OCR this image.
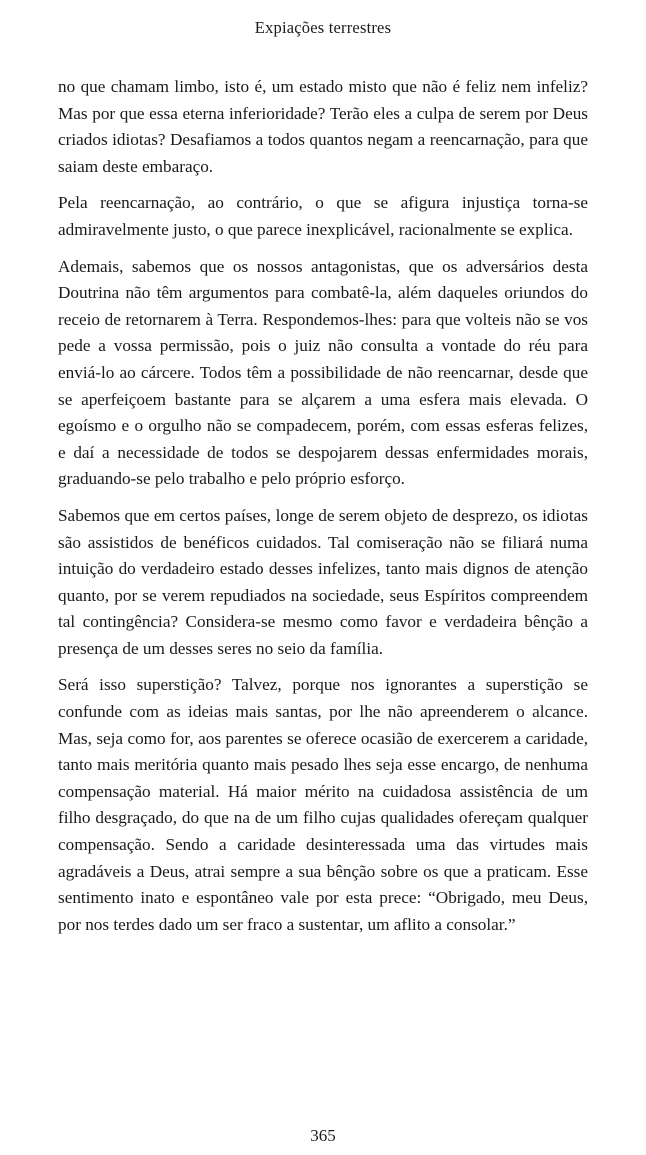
Expiações terrestres

no que chamam limbo, isto é, um estado misto que não é feliz nem infeliz? Mas por que essa eterna inferioridade? Terão eles a culpa de serem por Deus criados idiotas? Desafiamos a todos quantos negam a reencarnação, para que saiam deste embaraço.

Pela reencarnação, ao contrário, o que se afigura injustiça torna-se admiravelmente justo, o que parece inexplicável, racionalmente se explica.

Ademais, sabemos que os nossos antagonistas, que os adversários desta Doutrina não têm argumentos para combatê-la, além daqueles oriundos do receio de retornarem à Terra. Respondemos-lhes: para que volteis não se vos pede a vossa permissão, pois o juiz não consulta a vontade do réu para enviá-lo ao cárcere. Todos têm a possibilidade de não reencarnar, desde que se aperfeiçoem bastante para se alçarem a uma esfera mais elevada. O egoísmo e o orgulho não se compadecem, porém, com essas esferas felizes, e daí a necessidade de todos se despojarem dessas enfermidades morais, graduando-se pelo trabalho e pelo próprio esforço.

Sabemos que em certos países, longe de serem objeto de desprezo, os idiotas são assistidos de benéficos cuidados. Tal comiseração não se filiará numa intuição do verdadeiro estado desses infelizes, tanto mais dignos de atenção quanto, por se verem repudiados na sociedade, seus Espíritos compreendem tal contingência? Considera-se mesmo como favor e verdadeira bênção a presença de um desses seres no seio da família.

Será isso superstição? Talvez, porque nos ignorantes a superstição se confunde com as ideias mais santas, por lhe não apreenderem o alcance. Mas, seja como for, aos parentes se oferece ocasião de exercerem a caridade, tanto mais meritória quanto mais pesado lhes seja esse encargo, de nenhuma compensação material. Há maior mérito na cuidadosa assistência de um filho desgraçado, do que na de um filho cujas qualidades ofereçam qualquer compensação. Sendo a caridade desinteressada uma das virtudes mais agradáveis a Deus, atrai sempre a sua bênção sobre os que a praticam. Esse sentimento inato e espontâneo vale por esta prece: “Obrigado, meu Deus, por nos terdes dado um ser fraco a sustentar, um aflito a consolar.”

365
